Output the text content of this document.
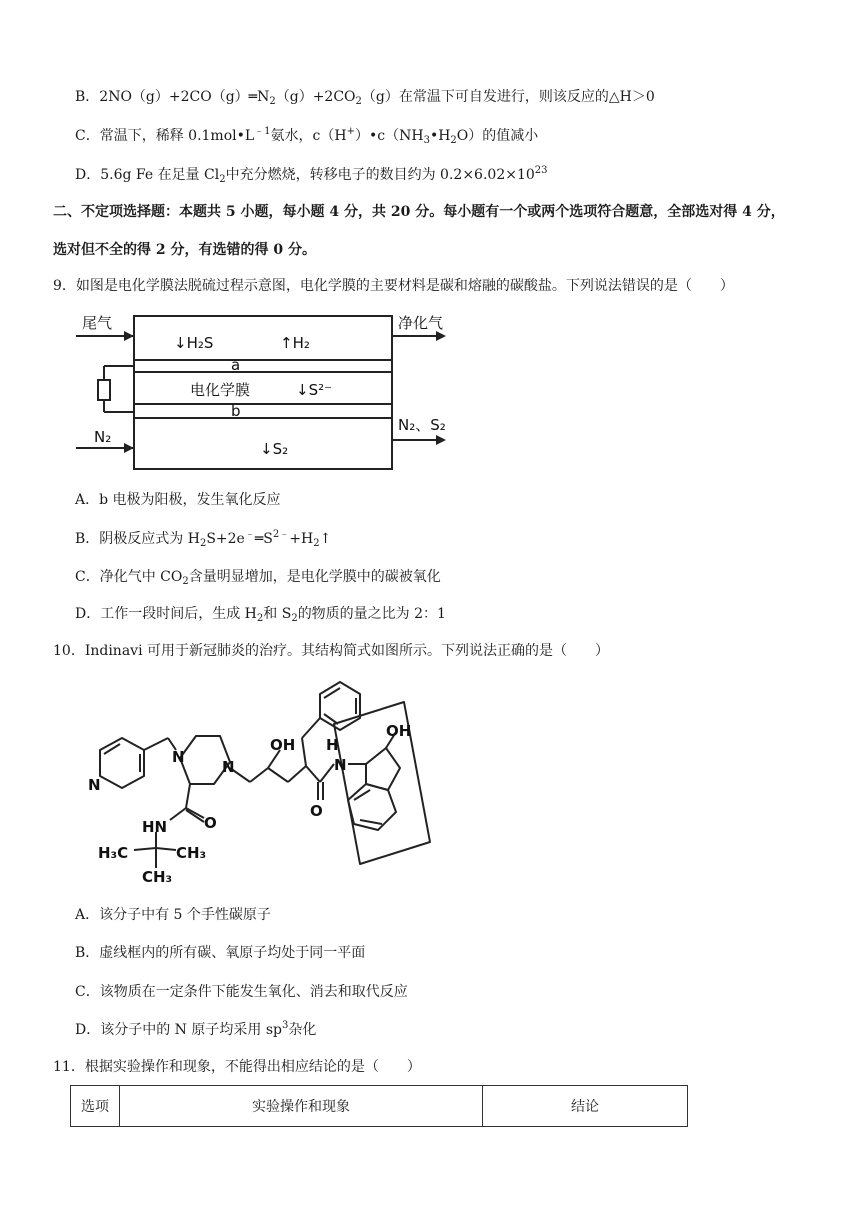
B．$2NO(g)+2CO(g)═N_2(g)+2CO_2(g)$在常温下可自发进行，则该反应的△H＞0
C．常温下，稀释 $0.1mol•L^{﹣1}$氨水，$c(H^+)•c(NH_3•H_2O)$的值减小
D．5.6g Fe 在足量 $Cl_2$中充分燃烧，转移电子的数目约为 $0.2\times 6.02\times 10^{23}$
二、不定项选择题：本题共 5 小题，每小题 4 分，共 20 分。每小题有一个或两个选项符合题意，全部选对得 4 分，
选对但不全的得 2 分，有选错的得 0 分。
9．如图是电化学膜法脱硫过程示意图，电化学膜的主要材料是碳和熔融的碳酸盐。下列说法错误的是（　　）
尾气
↓H₂S	↑H₂
净化气
a
电化学膜	↓S²⁻
b
N₂
N₂、S₂
↓S₂
A．b 电极为阳极，发生氧化反应
B．阴极反应式为 $H_2S+2e^﹣═S^{2﹣}+H_2↑$
C．净化气中 $CO_2$含量明显增加，是电化学膜中的碳被氧化
D．工作一段时间后，生成 $H_2$和 $S_2$的物质的量之比为 2：1
10．Indinavi 可用于新冠肺炎的治疗。其结构简式如图所示。下列说法正确的是（　　）
N
N
N
OH
O
H
N
OH
O
HN
H₃C	CH₃
CH₃
A．该分子中有 5 个手性碳原子
B．虚线框内的所有碳、氧原子均处于同一平面
C．该物质在一定条件下能发生氧化、消去和取代反应
D．该分子中的 N 原子均采用 $sp^3$杂化
11．根据实验操作和现象，不能得出相应结论的是（　　）
选项	实验操作和现象	结论
